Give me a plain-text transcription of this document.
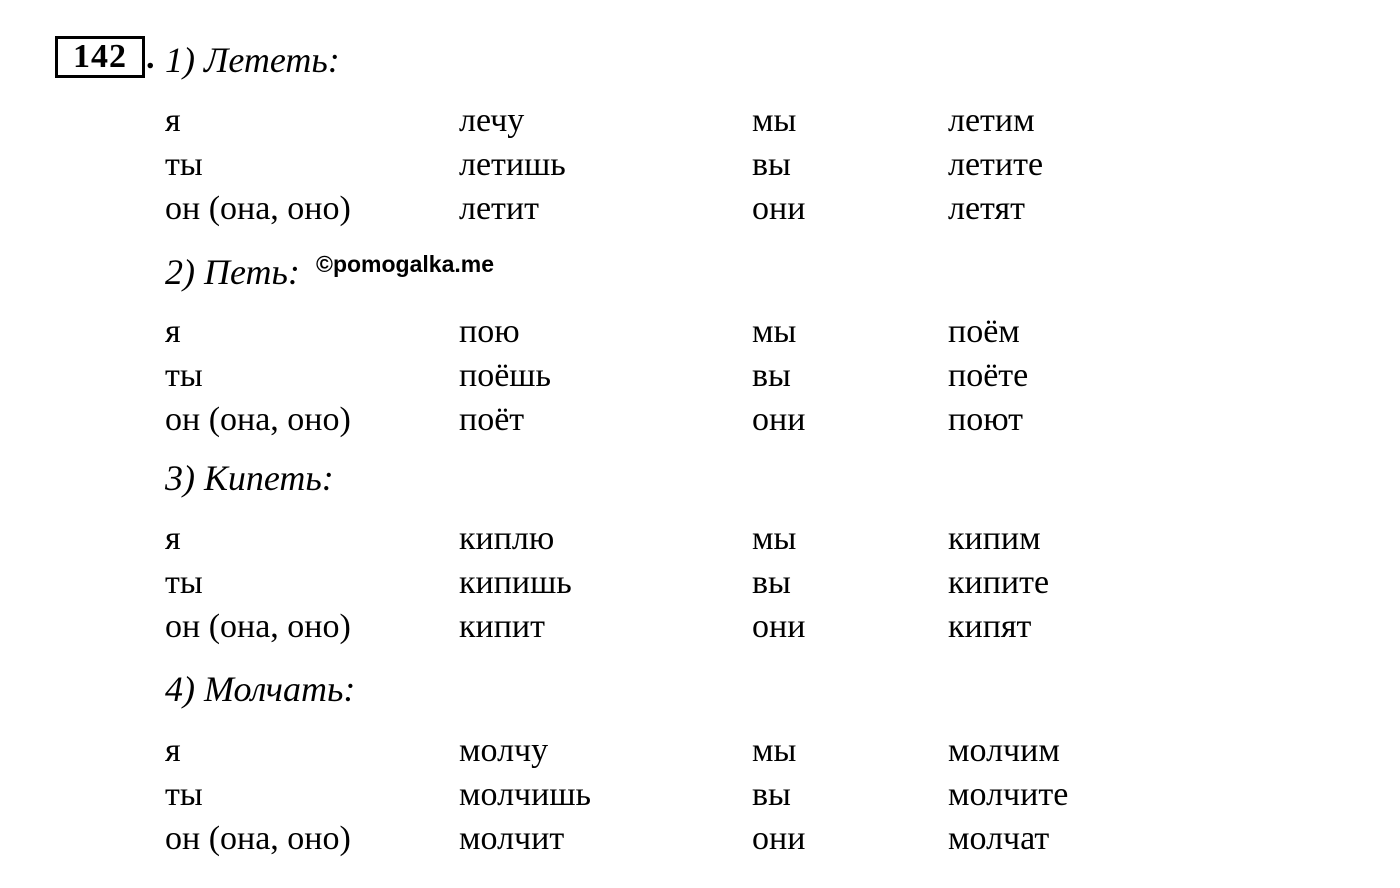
142 . 1) Лететь:
я	лечу	мы	летим
ты	летишь	вы	летите
он (она, оно)	летит	они	летят
2) Петь: ©pomogalka.me
я	пою	мы	поём
ты	поёшь	вы	поёте
он (она, оно)	поёт	они	поют
3) Кипеть:
я	киплю	мы	кипим
ты	кипишь	вы	кипите
он (она, оно)	кипит	они	кипят
4) Молчать:
я	молчу	мы	молчим
ты	молчишь	вы	молчите
он (она, оно)	молчит	они	молчат
